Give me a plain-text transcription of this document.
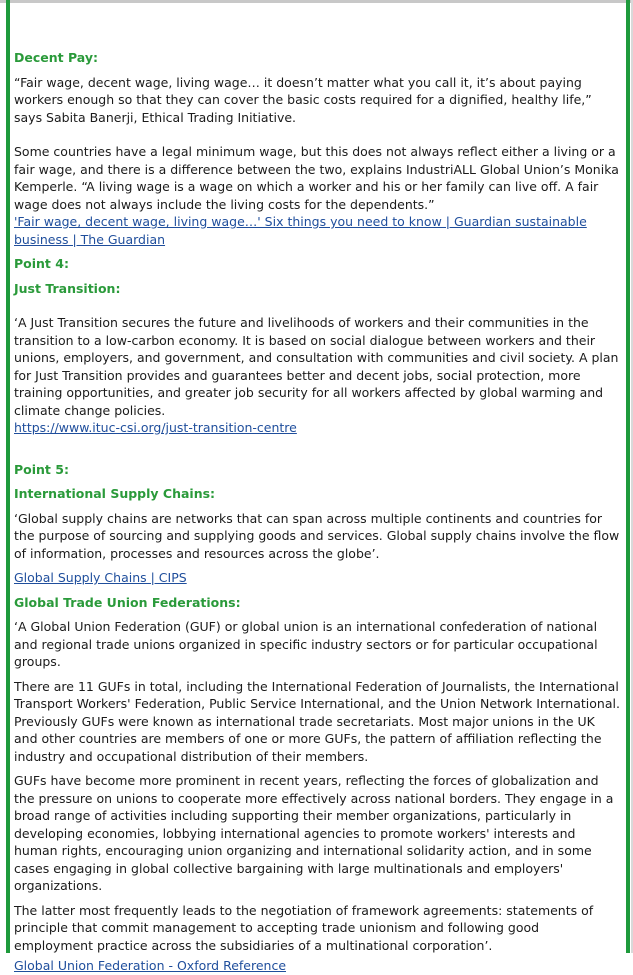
Decent Pay:

“Fair wage, decent wage, living wage… it doesn’t matter what you call it, it’s about paying workers enough so that they can cover the basic costs required for a dignified, healthy life,” says Sabita Banerji, Ethical Trading Initiative.

Some countries have a legal minimum wage, but this does not always reflect either a living or a fair wage, and there is a difference between the two, explains IndustriALL Global Union’s Monika Kemperle. “A living wage is a wage on which a worker and his or her family can live off. A fair wage does not always include the living costs for the dependents.”

'Fair wage, decent wage, living wage…' Six things you need to know | Guardian sustainable business | The Guardian

Point 4:

Just Transition:

‘A Just Transition secures the future and livelihoods of workers and their communities in the transition to a low-carbon economy. It is based on social dialogue between workers and their unions, employers, and government, and consultation with communities and civil society. A plan for Just Transition provides and guarantees better and decent jobs, social protection, more training opportunities, and greater job security for all workers affected by global warming and climate change policies.

https://www.ituc-csi.org/just-transition-centre

Point 5:

International Supply Chains:

‘Global supply chains are networks that can span across multiple continents and countries for the purpose of sourcing and supplying goods and services. Global supply chains involve the flow of information, processes and resources across the globe’.

Global Supply Chains | CIPS

Global Trade Union Federations:

‘A Global Union Federation (GUF) or global union is an international confederation of national and regional trade unions organized in specific industry sectors or for particular occupational groups.

There are 11 GUFs in total, including the International Federation of Journalists, the International Transport Workers' Federation, Public Service International, and the Union Network International. Previously GUFs were known as international trade secretariats. Most major unions in the UK and other countries are members of one or more GUFs, the pattern of affiliation reflecting the industry and occupational distribution of their members.

GUFs have become more prominent in recent years, reflecting the forces of globalization and the pressure on unions to cooperate more effectively across national borders. They engage in a broad range of activities including supporting their member organizations, particularly in developing economies, lobbying international agencies to promote workers' interests and human rights, encouraging union organizing and international solidarity action, and in some cases engaging in global collective bargaining with large multinationals and employers' organizations.

The latter most frequently leads to the negotiation of framework agreements: statements of principle that commit management to accepting trade unionism and following good employment practice across the subsidiaries of a multinational corporation’.

Global Union Federation - Oxford Reference
